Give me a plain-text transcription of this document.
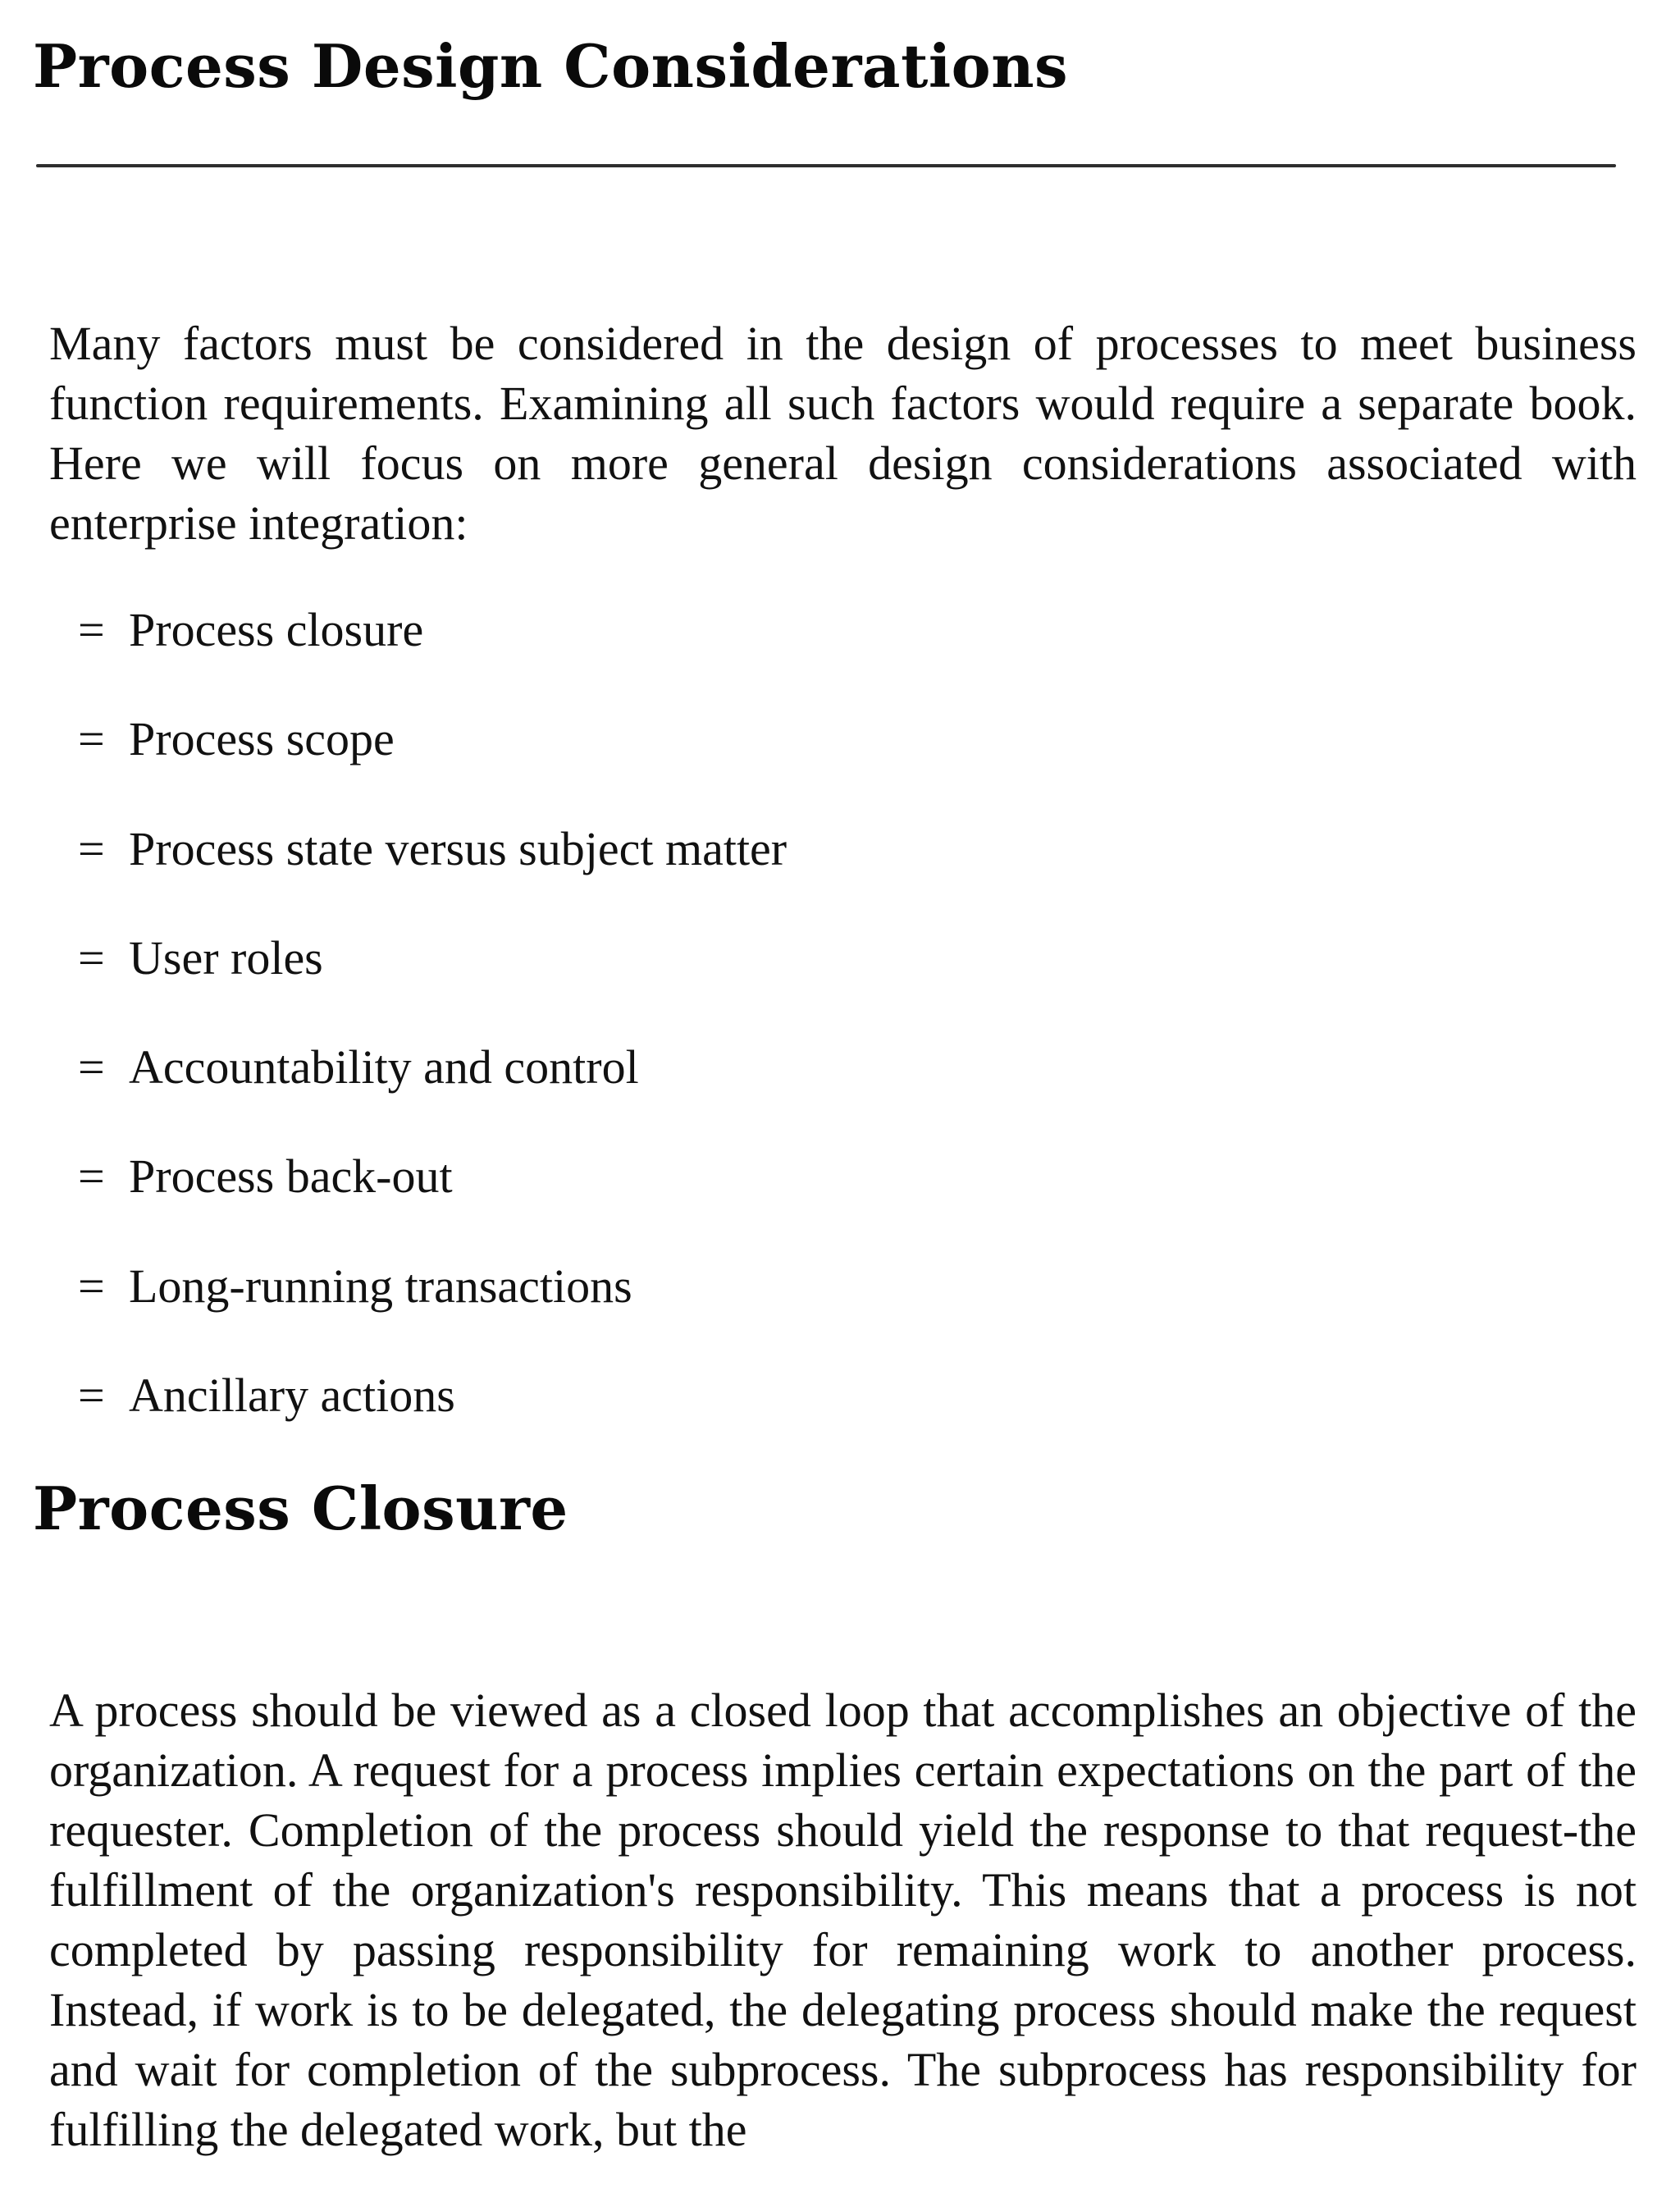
Process Design Considerations

Many factors must be considered in the design of processes to meet business function requirements. Examining all such factors would require a separate book. Here we will focus on more general design considerations associated with enterprise integration:

= Process closure
= Process scope
= Process state versus subject matter
= User roles
= Accountability and control
= Process back-out
= Long-running transactions
= Ancillary actions
Process Closure

A process should be viewed as a closed loop that accomplishes an objective of the organization. A request for a process implies certain expectations on the part of the requester. Completion of the process should yield the response to that request-the fulfillment of the organization's responsibility. This means that a process is not completed by passing responsibility for remaining work to another process. Instead, if work is to be delegated, the delegating process should make the request and wait for completion of the subprocess. The subprocess has responsibility for fulfilling the delegated work, but the
